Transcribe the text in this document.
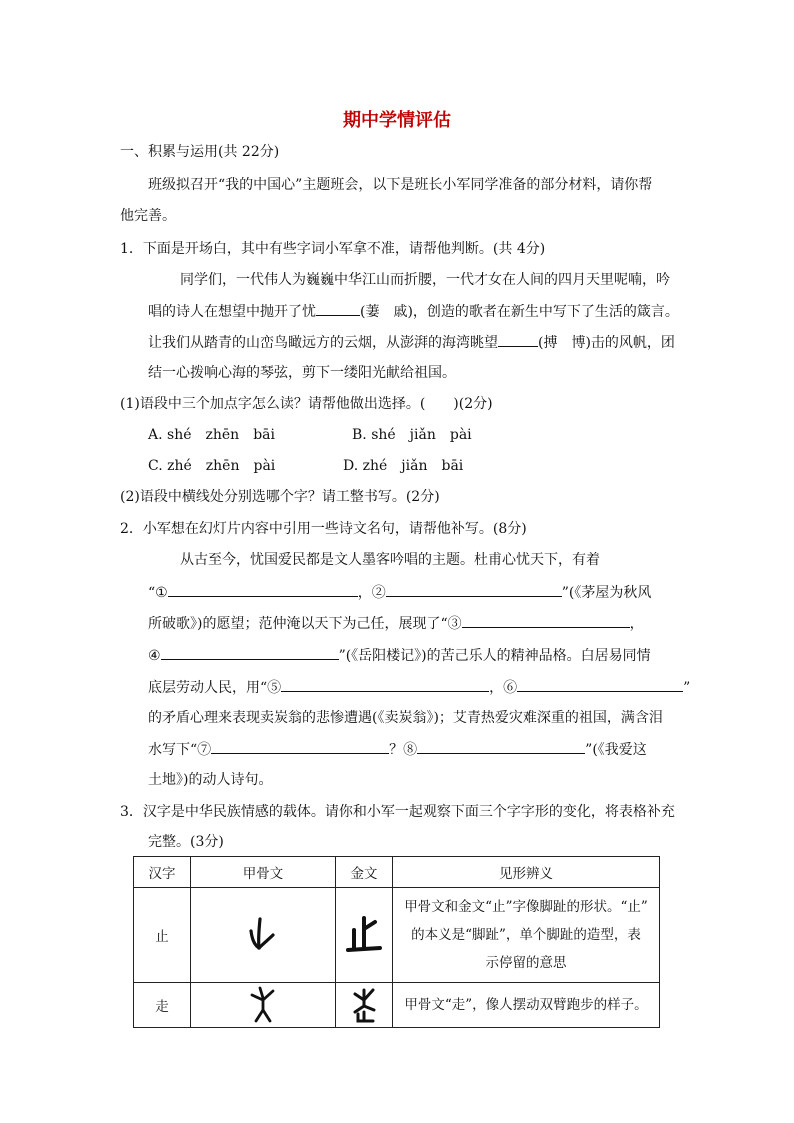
期中学情评估
一、积累与运用(共 22分)
班级拟召开“我的中国心”主题班会，以下是班长小军同学准备的部分材料，请你帮
他完善。
1．下面是开场白，其中有些字词小军拿不准，请帮他判断。(共 4分)
同学们，一代伟人为巍巍中华江山而折腰，一代才女在人间的四月天里呢喃，吟
唱的诗人在想望中抛开了忧	(萋　戚)，创造的歌者在新生中写下了生活的箴言。
让我们从踏青的山峦鸟瞰远方的云烟，从澎湃的海湾眺望	(搏　博)击的风帆，团
结一心拨响心海的琴弦，剪下一缕阳光献给祖国。
(1)语段中三个加点字怎么读？请帮他做出选择。(　　)(2分)
A. shé　zhēn　bāi	B. shé　jiǎn　pài
C. zhé　zhēn　pài	D. zhé　jiǎn　bāi
(2)语段中横线处分别选哪个字？请工整书写。(2分)
2．小军想在幻灯片内容中引用一些诗文名句，请帮他补写。(8分)
从古至今，忧国爱民都是文人墨客吟唱的主题。杜甫心忧天下，有着
“①	，②	”(《茅屋为秋风
所破歌》)的愿望；范仲淹以天下为己任，展现了“③	，
④	”(《岳阳楼记》)的苦己乐人的精神品格。白居易同情
底层劳动人民，用“⑤	，⑥	”
的矛盾心理来表现卖炭翁的悲惨遭遇(《卖炭翁》)；艾青热爱灾难深重的祖国，满含泪
水写下“⑦	？⑧	”(《我爱这
土地》)的动人诗句。
3．汉字是中华民族情感的载体。请你和小军一起观察下面三个字字形的变化，将表格补充
完整。(3分)
汉字	甲骨文	金文	见形辨义
止			甲骨文和金文“止”字像脚趾的形状。“止”
的本义是“脚趾”，单个脚趾的造型，表
示停留的意思

走			甲骨文“走”，像人摆动双臂跑步的样子。
